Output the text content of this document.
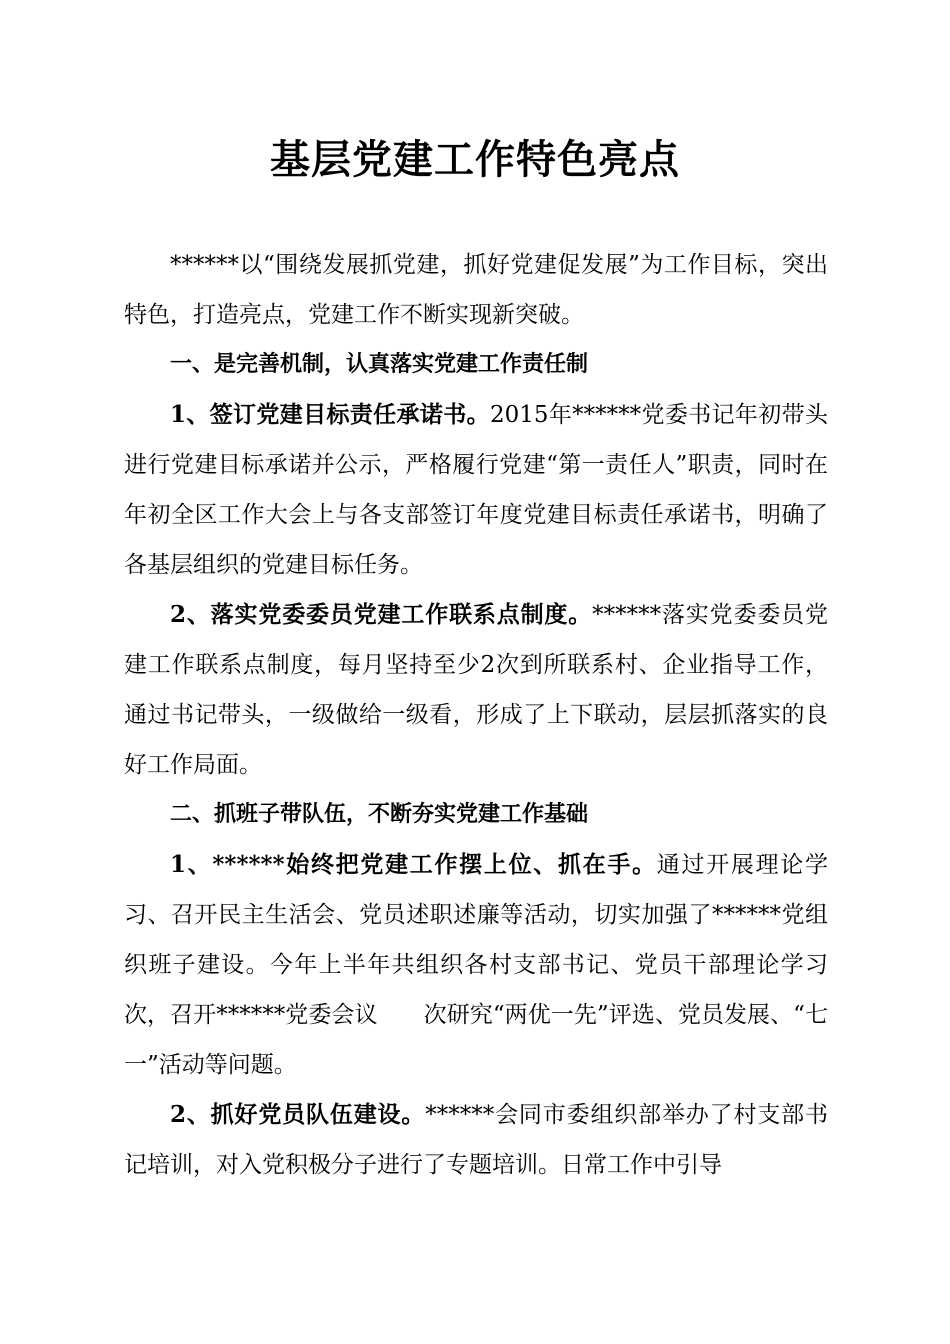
基层党建工作特色亮点

******以“围绕发展抓党建，抓好党建促发展”为工作目标，突出特色，打造亮点，党建工作不断实现新突破。

一、是完善机制，认真落实党建工作责任制

1、签订党建目标责任承诺书。2015年******党委书记年初带头进行党建目标承诺并公示，严格履行党建“第一责任人”职责，同时在年初全区工作大会上与各支部签订年度党建目标责任承诺书，明确了各基层组织的党建目标任务。

2、落实党委委员党建工作联系点制度。******落实党委委员党建工作联系点制度，每月坚持至少2次到所联系村、企业指导工作，通过书记带头，一级做给一级看，形成了上下联动，层层抓落实的良好工作局面。

二、抓班子带队伍，不断夯实党建工作基础

1、******始终把党建工作摆上位、抓在手。通过开展理论学习、召开民主生活会、党员述职述廉等活动，切实加强了******党组织班子建设。今年上半年共组织各村支部书记、党员干部理论学习　次，召开******党委会议　　次研究“两优一先”评选、党员发展、“七一”活动等问题。

2、抓好党员队伍建设。******会同市委组织部举办了村支部书记培训，对入党积极分子进行了专题培训。日常工作中引导
